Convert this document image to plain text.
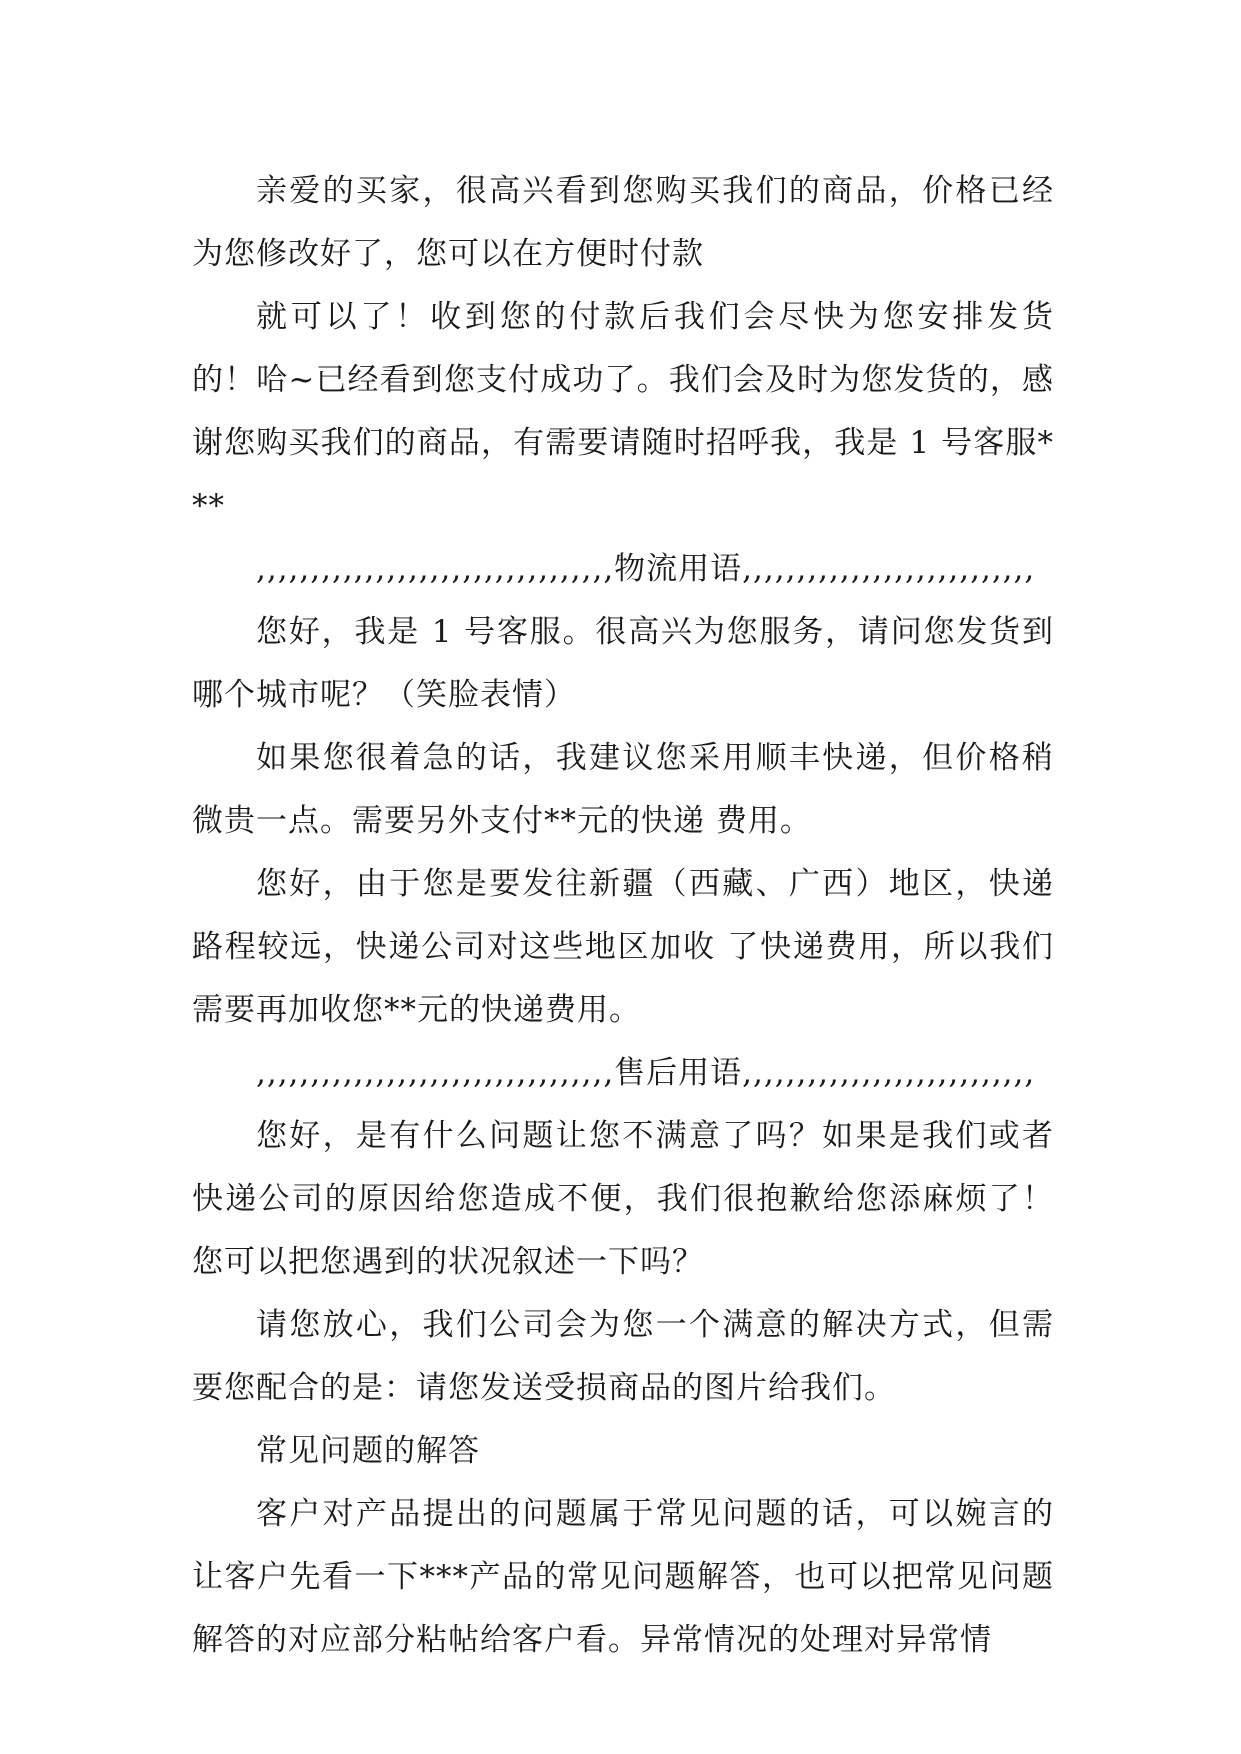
亲爱的买家，很高兴看到您购买我们的商品，价格已经为您修改好了，您可以在方便时付款

就可以了！收到您的付款后我们会尽快为您安排发货的！哈~已经看到您支付成功了。我们会及时为您发货的，感谢您购买我们的商品，有需要请随时招呼我，我是 1 号客服***

,,,,,,,,,,,,,,,,,,,,,,,,,,,,,,,,,物流用语,,,,,,,,,,,,,,,,,,,,,,,,,,,

您好，我是 1 号客服。很高兴为您服务，请问您发货到哪个城市呢？（笑脸表情）

如果您很着急的话，我建议您采用顺丰快递，但价格稍微贵一点。需要另外支付**元的快递 费用。

您好，由于您是要发往新疆（西藏、广西）地区，快递路程较远，快递公司对这些地区加收 了快递费用，所以我们需要再加收您**元的快递费用。

,,,,,,,,,,,,,,,,,,,,,,,,,,,,,,,,,售后用语,,,,,,,,,,,,,,,,,,,,,,,,,,,

您好，是有什么问题让您不满意了吗？如果是我们或者快递公司的原因给您造成不便，我们很抱歉给您添麻烦了！您可以把您遇到的状况叙述一下吗？

请您放心，我们公司会为您一个满意的解决方式，但需要您配合的是：请您发送受损商品的图片给我们。

常见问题的解答

客户对产品提出的问题属于常见问题的话，可以婉言的让客户先看一下***产品的常见问题解答，也可以把常见问题解答的对应部分粘帖给客户看。异常情况的处理对异常情
